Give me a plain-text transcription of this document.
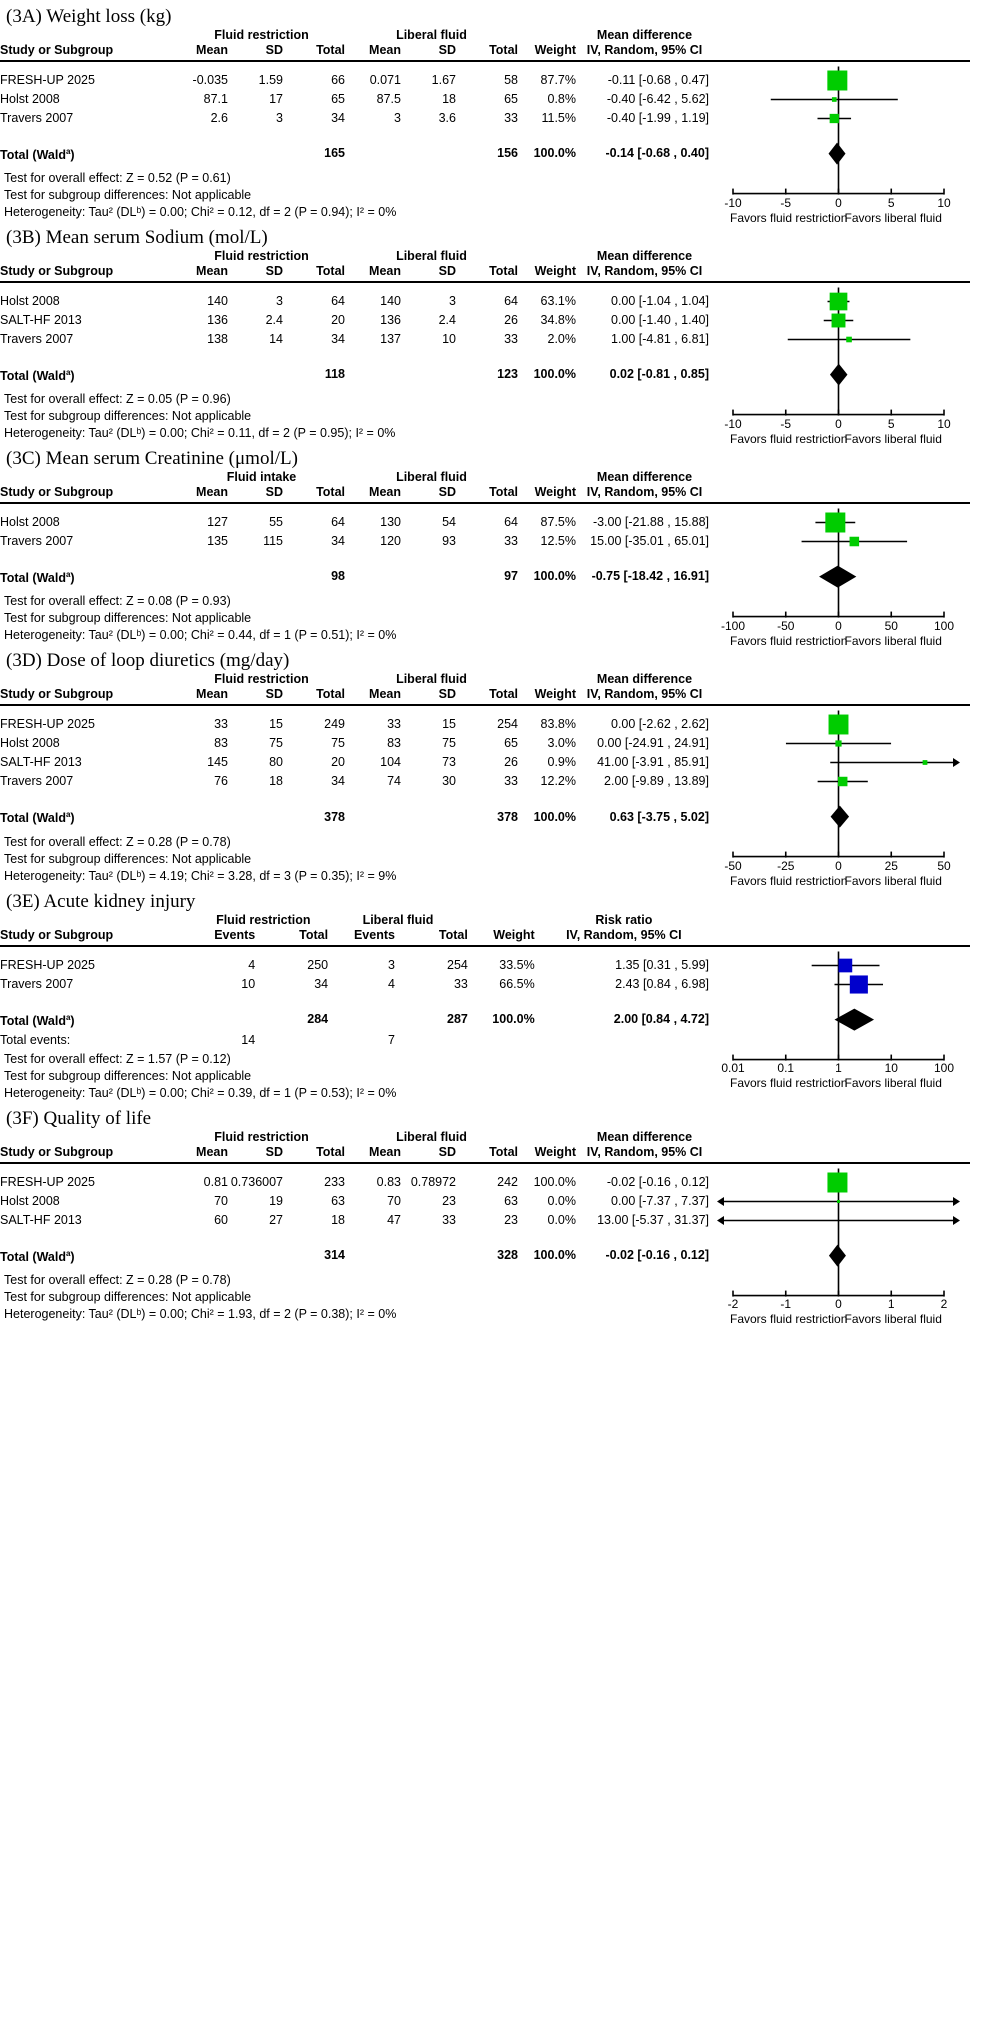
(3A) Weight loss (kg)
	Fluid restriction			Liberal fluid				Mean difference
Study or Subgroup	Mean	SD	Total	Mean	SD	Total	Weight	IV, Random, 95% CI
FRESH-UP 2025	-0.035	1.59	66	0.071	1.67	58	87.7%	-0.11 [-0.68 , 0.47]
Holst 2008	87.1	17	65	87.5	18	65	0.8%	-0.40 [-6.42 , 5.62]
Travers 2007	2.6	3	34	3	3.6	33	11.5%	-0.40 [-1.99 , 1.19]

Total (Wald$^a$)			165			156	100.0%	-0.14 [-0.68 , 0.40]
Test for overall effect: Z = 0.52 (P = 0.61)
Test for subgroup differences: Not applicable
Heterogeneity: Tau² (DLᵇ) = 0.00; Chi² = 0.12, df = 2 (P = 0.94); I² = 0%
-10	-5	0	5	10
Favors fluid restriction
Favors liberal fluid
(3B) Mean serum Sodium (mol/L)
	Fluid restriction			Liberal fluid				Mean difference
Study or Subgroup	Mean	SD	Total	Mean	SD	Total	Weight	IV, Random, 95% CI
Holst 2008	140	3	64	140	3	64	63.1%	0.00 [-1.04 , 1.04]
SALT-HF 2013	136	2.4	20	136	2.4	26	34.8%	0.00 [-1.40 , 1.40]
Travers 2007	138	14	34	137	10	33	2.0%	1.00 [-4.81 , 6.81]

Total (Wald$^a$)			118			123	100.0%	0.02 [-0.81 , 0.85]
Test for overall effect: Z = 0.05 (P = 0.96)
Test for subgroup differences: Not applicable
Heterogeneity: Tau² (DLᵇ) = 0.00; Chi² = 0.11, df = 2 (P = 0.95); I² = 0%
-10	-5	0	5	10
Favors fluid restriction
Favors liberal fluid
(3C) Mean serum Creatinine (μmol/L)
	Fluid intake			Liberal fluid				Mean difference
Study or Subgroup	Mean	SD	Total	Mean	SD	Total	Weight	IV, Random, 95% CI
Holst 2008	127	55	64	130	54	64	87.5%	-3.00 [-21.88 , 15.88]
Travers 2007	135	115	34	120	93	33	12.5%	15.00 [-35.01 , 65.01]

Total (Wald$^a$)			98			97	100.0%	-0.75 [-18.42 , 16.91]
Test for overall effect: Z = 0.08 (P = 0.93)
Test for subgroup differences: Not applicable
Heterogeneity: Tau² (DLᵇ) = 0.00; Chi² = 0.44, df = 1 (P = 0.51); I² = 0%
-100	-50	0	50	100
Favors fluid restriction
Favors liberal fluid
(3D) Dose of loop diuretics (mg/day)
	Fluid restriction			Liberal fluid				Mean difference
Study or Subgroup	Mean	SD	Total	Mean	SD	Total	Weight	IV, Random, 95% CI
FRESH-UP 2025	33	15	249	33	15	254	83.8%	0.00 [-2.62 , 2.62]
Holst 2008	83	75	75	83	75	65	3.0%	0.00 [-24.91 , 24.91]
SALT-HF 2013	145	80	20	104	73	26	0.9%	41.00 [-3.91 , 85.91]
Travers 2007	76	18	34	74	30	33	12.2%	2.00 [-9.89 , 13.89]

Total (Wald$^a$)			378			378	100.0%	0.63 [-3.75 , 5.02]
Test for overall effect: Z = 0.28 (P = 0.78)
Test for subgroup differences: Not applicable
Heterogeneity: Tau² (DLᵇ) = 4.19; Chi² = 3.28, df = 3 (P = 0.35); I² = 9%
-50	-25	0	25	50
Favors fluid restriction
Favors liberal fluid
(3E) Acute kidney injury
	Fluid restriction		Liberal fluid			Risk ratio
Study or Subgroup	Events	Total	Events	Total	Weight	IV, Random, 95% CI
FRESH-UP 2025	4	250	3	254	33.5%	1.35 [0.31 , 5.99]
Travers 2007	10	34	4	33	66.5%	2.43 [0.84 , 6.98]

Total (Wald$^a$)		284		287	100.0%	2.00 [0.84 , 4.72]
Total events:	14		7			
Test for overall effect: Z = 1.57 (P = 0.12)
Test for subgroup differences: Not applicable
Heterogeneity: Tau² (DLᵇ) = 0.00; Chi² = 0.39, df = 1 (P = 0.53); I² = 0%
0.01	0.1	1	10	100
Favors fluid restriction
Favors liberal fluid
(3F) Quality of life
	Fluid restriction			Liberal fluid				Mean difference
Study or Subgroup	Mean	SD	Total	Mean	SD	Total	Weight	IV, Random, 95% CI
FRESH-UP 2025	0.81	0.736007	233	0.83	0.78972	242	100.0%	-0.02 [-0.16 , 0.12]
Holst 2008	70	19	63	70	23	63	0.0%	0.00 [-7.37 , 7.37]
SALT-HF 2013	60	27	18	47	33	23	0.0%	13.00 [-5.37 , 31.37]

Total (Wald$^a$)			314			328	100.0%	-0.02 [-0.16 , 0.12]
Test for overall effect: Z = 0.28 (P = 0.78)
Test for subgroup differences: Not applicable
Heterogeneity: Tau² (DLᵇ) = 0.00; Chi² = 1.93, df = 2 (P = 0.38); I² = 0%
-2	-1	0	1	2
Favors fluid restriction
Favors liberal fluid
